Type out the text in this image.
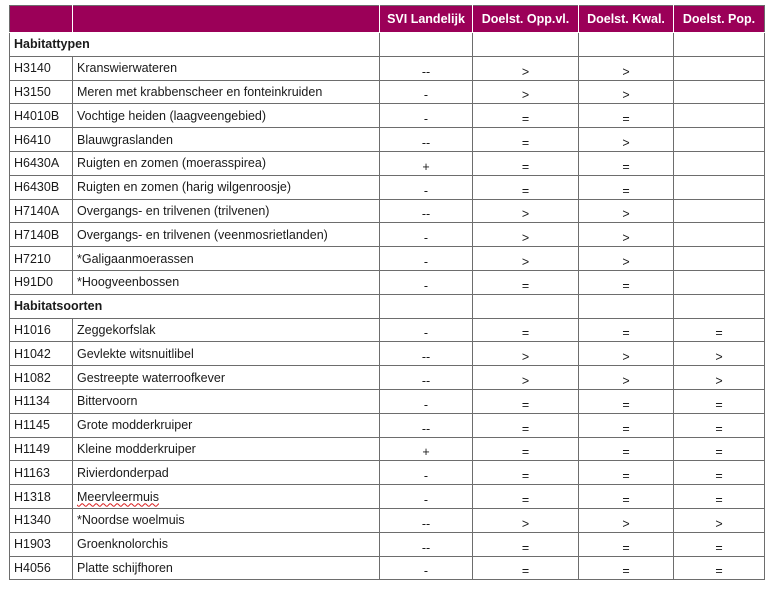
		SVI Landelijk	Doelst. Opp.vl.	Doelst. Kwal.	Doelst. Pop.
Habitattypen					
H3140	Kranswierwateren	--	>	>	
H3150	Meren met krabbenscheer en fonteinkruiden	-	>	>	
H4010B	Vochtige heiden (laagveengebied)	-	=	=	
H6410	Blauwgraslanden	--	=	>	
H6430A	Ruigten en zomen (moerasspirea)	+	=	=	
H6430B	Ruigten en zomen (harig wilgenroosje)	-	=	=	
H7140A	Overgangs- en trilvenen (trilvenen)	--	>	>	
H7140B	Overgangs- en trilvenen (veenmosrietlanden)	-	>	>	
H7210	*Galigaanmoerassen	-	>	>	
H91D0	*Hoogveenbossen	-	=	=	
Habitatsoorten					
H1016	Zeggekorfslak	-	=	=	=
H1042	Gevlekte witsnuitlibel	--	>	>	>
H1082	Gestreepte waterroofkever	--	>	>	>
H1134	Bittervoorn	-	=	=	=
H1145	Grote modderkruiper	--	=	=	=
H1149	Kleine modderkruiper	+	=	=	=
H1163	Rivierdonderpad	-	=	=	=
H1318	Meervleermuis	-	=	=	=
H1340	*Noordse woelmuis	--	>	>	>
H1903	Groenknolorchis	--	=	=	=
H4056	Platte schijfhoren	-	=	=	=
